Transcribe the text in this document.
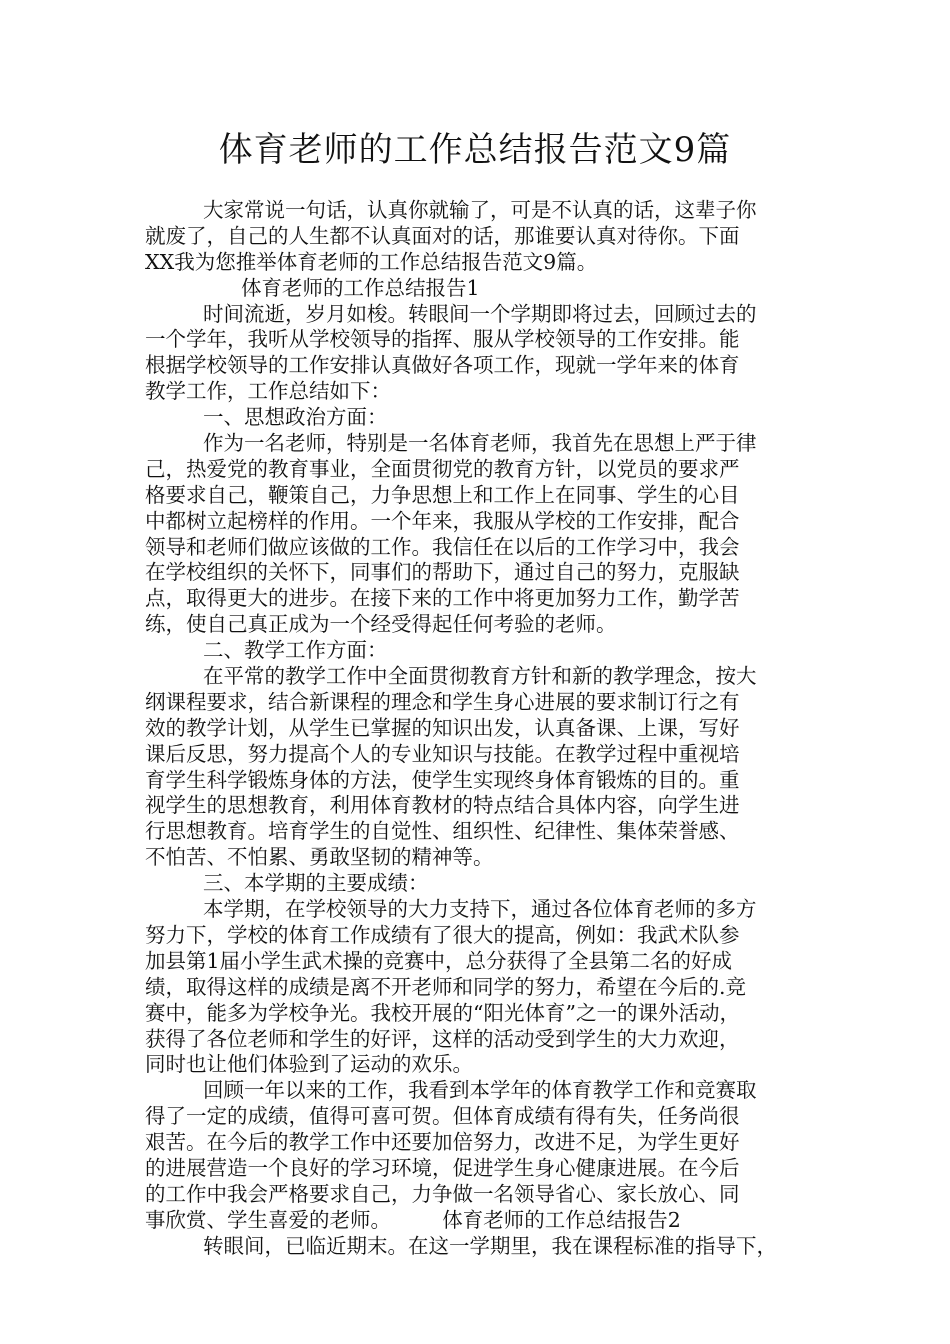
体育老师的工作总结报告范文9篇
大家常说一句话，认真你就输了，可是不认真的话，这辈子你
就废了，自己的人生都不认真面对的话，那谁要认真对待你。下面
XX我为您推举体育老师的工作总结报告范文9篇。
体育老师的工作总结报告1
时间流逝，岁月如梭。转眼间一个学期即将过去，回顾过去的
一个学年，我听从学校领导的指挥、服从学校领导的工作安排。能
根据学校领导的工作安排认真做好各项工作，现就一学年来的体育
教学工作，工作总结如下：
一、思想政治方面：
作为一名老师，特别是一名体育老师，我首先在思想上严于律
己，热爱党的教育事业，全面贯彻党的教育方针，以党员的要求严
格要求自己，鞭策自己，力争思想上和工作上在同事、学生的心目
中都树立起榜样的作用。一个年来，我服从学校的工作安排，配合
领导和老师们做应该做的工作。我信任在以后的工作学习中，我会
在学校组织的关怀下，同事们的帮助下，通过自己的努力，克服缺
点，取得更大的进步。在接下来的工作中将更加努力工作，勤学苦
练，使自己真正成为一个经受得起任何考验的老师。
二、教学工作方面：
在平常的教学工作中全面贯彻教育方针和新的教学理念，按大
纲课程要求，结合新课程的理念和学生身心进展的要求制订行之有
效的教学计划，从学生已掌握的知识出发，认真备课、上课，写好
课后反思，努力提高个人的专业知识与技能。在教学过程中重视培
育学生科学锻炼身体的方法，使学生实现终身体育锻炼的目的。重
视学生的思想教育，利用体育教材的特点结合具体内容，向学生进
行思想教育。培育学生的自觉性、组织性、纪律性、集体荣誉感、
不怕苦、不怕累、勇敢坚韧的精神等。
三、本学期的主要成绩：
本学期，在学校领导的大力支持下，通过各位体育老师的多方
努力下，学校的体育工作成绩有了很大的提高，例如：我武术队参
加县第1届小学生武术操的竞赛中，总分获得了全县第二名的好成
绩，取得这样的成绩是离不开老师和同学的努力，希望在今后的.竞
赛中，能多为学校争光。我校开展的“阳光体育”之一的课外活动，
获得了各位老师和学生的好评，这样的活动受到学生的大力欢迎，
同时也让他们体验到了运动的欢乐。
回顾一年以来的工作，我看到本学年的体育教学工作和竞赛取
得了一定的成绩，值得可喜可贺。但体育成绩有得有失，任务尚很
艰苦。在今后的教学工作中还要加倍努力，改进不足，为学生更好
的进展营造一个良好的学习环境，促进学生身心健康进展。在今后
的工作中我会严格要求自己，力争做一名领导省心、家长放心、同
事欣赏、学生喜爱的老师。　　　体育老师的工作总结报告2
转眼间，已临近期末。在这一学期里，我在课程标准的指导下，
